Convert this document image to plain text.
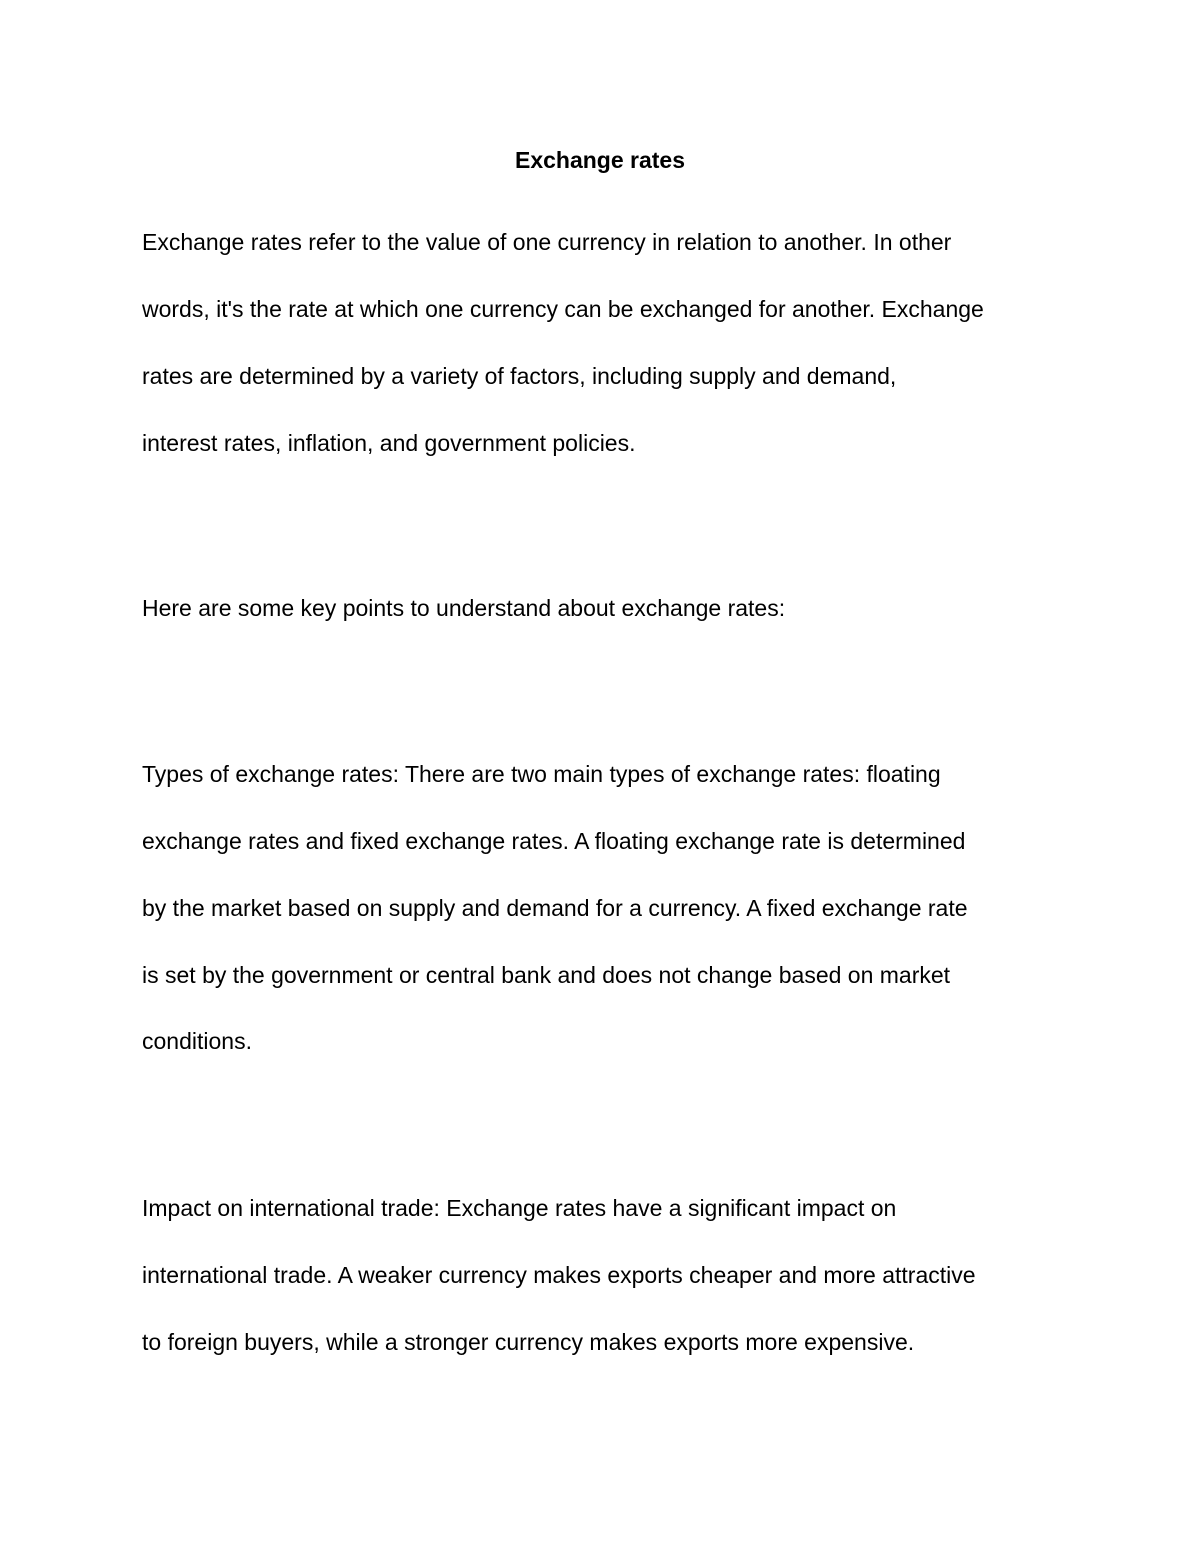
Exchange rates

Exchange rates refer to the value of one currency in relation to another. In other

words, it's the rate at which one currency can be exchanged for another. Exchange

rates are determined by a variety of factors, including supply and demand,

interest rates, inflation, and government policies.

Here are some key points to understand about exchange rates:

Types of exchange rates: There are two main types of exchange rates: floating

exchange rates and fixed exchange rates. A floating exchange rate is determined

by the market based on supply and demand for a currency. A fixed exchange rate

is set by the government or central bank and does not change based on market

conditions.

Impact on international trade: Exchange rates have a significant impact on

international trade. A weaker currency makes exports cheaper and more attractive

to foreign buyers, while a stronger currency makes exports more expensive.
